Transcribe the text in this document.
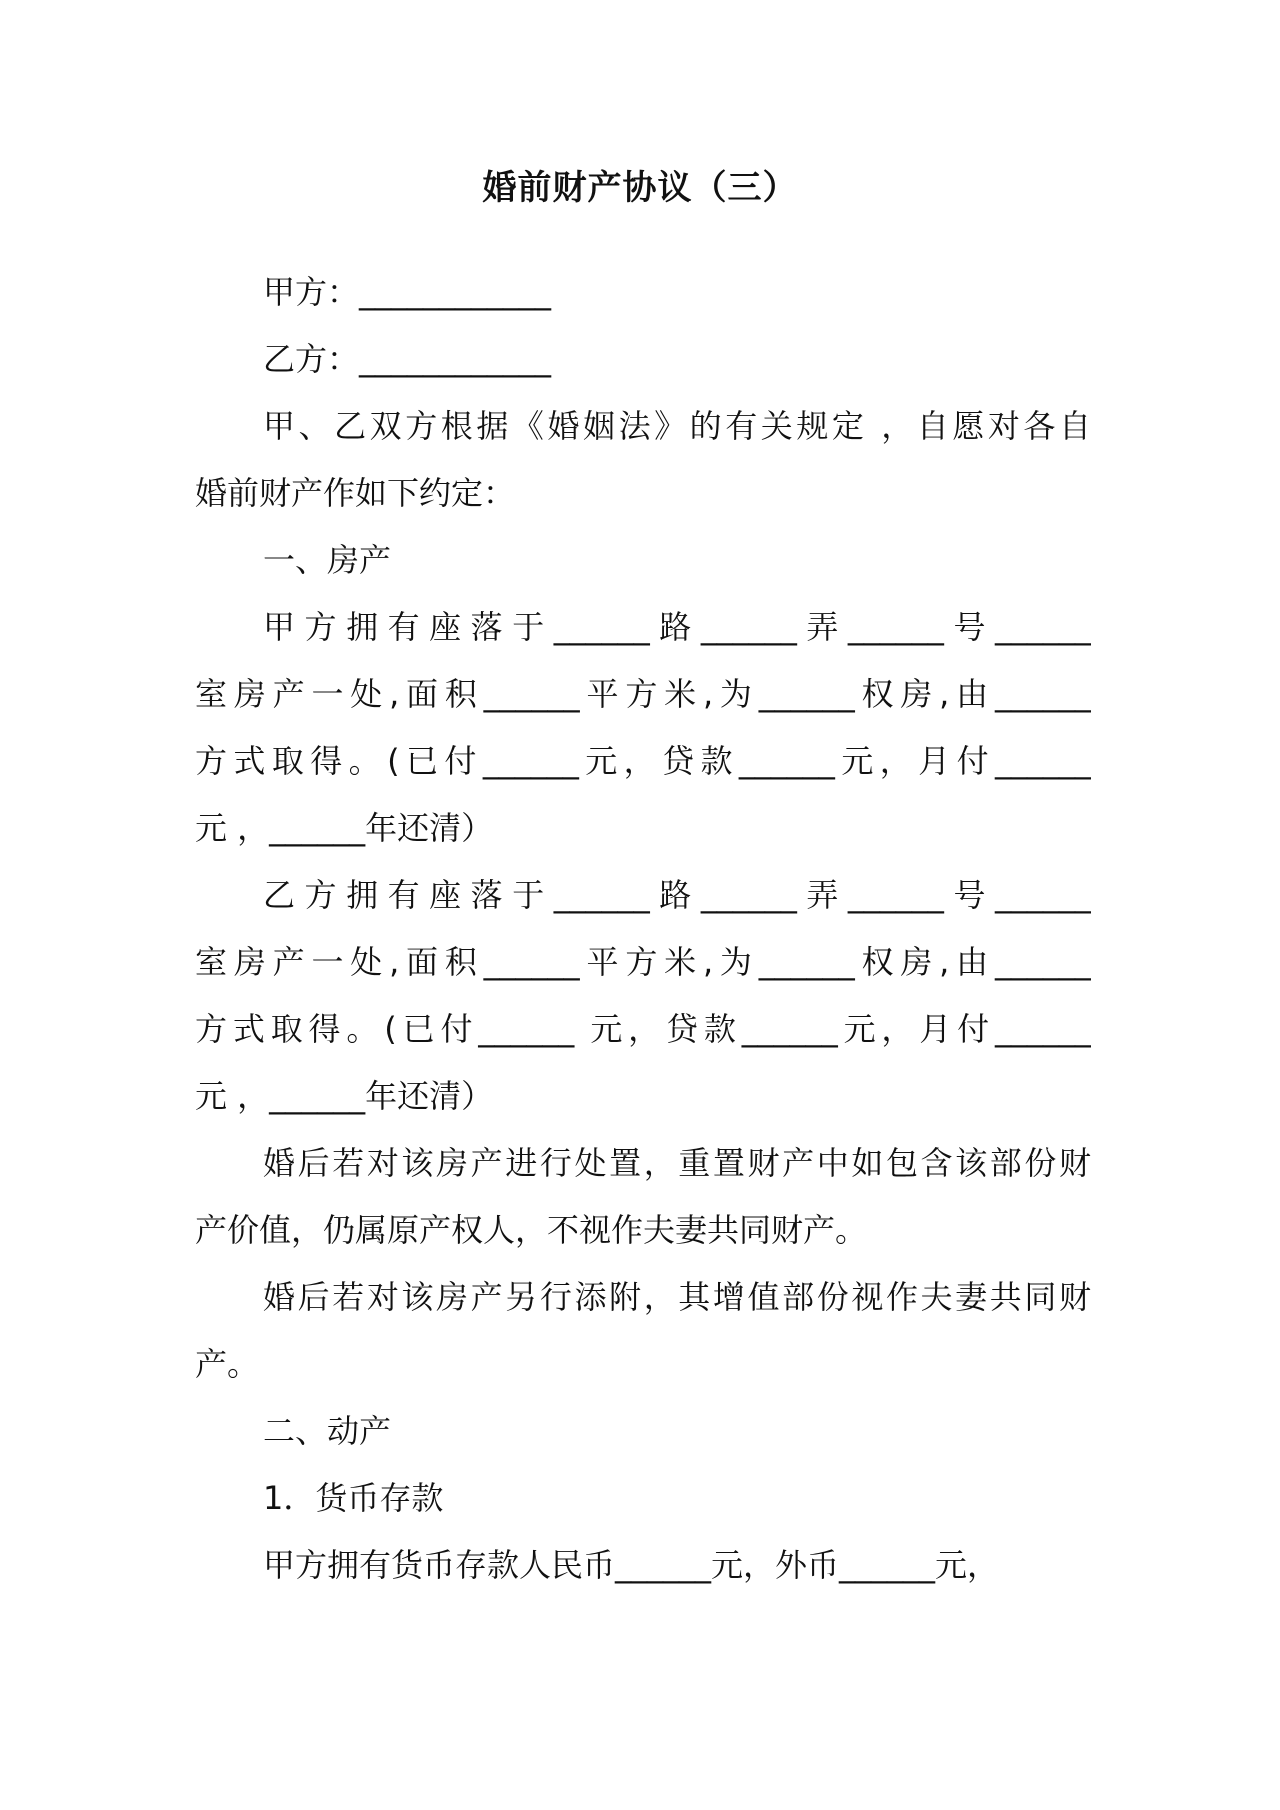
婚前财产协议（三）
甲方：____________
乙方：____________
甲、乙双方根据《婚姻法》的有关规定 ，自愿对各自
婚前财产作如下约定：
一、房产
甲方拥有座落于______路______弄______号______
室房产一处,面积______平方米,为______权房,由______
方式取得。(已付______元，贷款______元，月付______
元 ，______年还清）
乙方拥有座落于______路______弄______号______
室房产一处,面积______平方米,为______权房,由______
方式取得。(已付______ 元，贷款______元，月付______
元 ，______年还清）
婚后若对该房产进行处置，重置财产中如包含该部份财
产价值，仍属原产权人，不视作夫妻共同财产。
婚后若对该房产另行添附，其增值部份视作夫妻共同财
产。
二、动产
1．货币存款
甲方拥有货币存款人民币______元，外币______元，
